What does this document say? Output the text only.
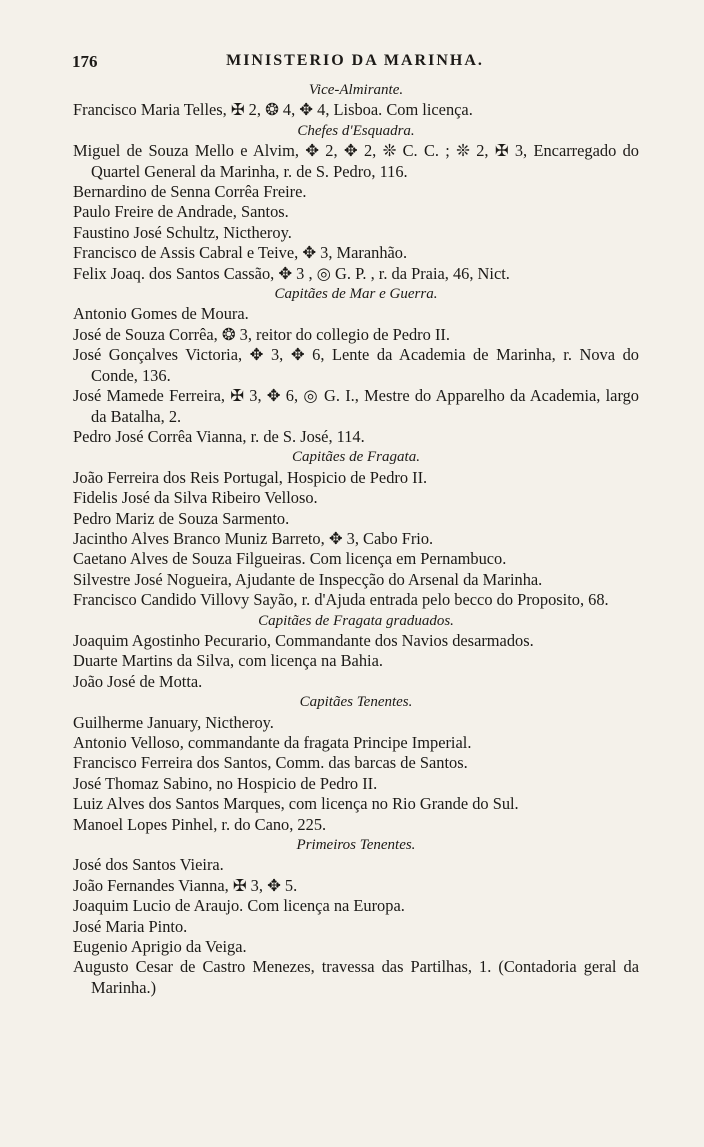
176	MINISTERIO DA MARINHA.

Vice-Almirante.

Francisco Maria Telles, ✠ 2, ❂ 4, ✥ 4, Lisboa. Com licença.

Chefes d'Esquadra.

Miguel de Souza Mello e Alvim, ✥ 2, ✥ 2, ❊ C. C. ; ❊ 2, ✠ 3, Encarregado do Quartel General da Marinha, r. de S. Pedro, 116.

Bernardino de Senna Corrêa Freire.

Paulo Freire de Andrade, Santos.

Faustino José Schultz, Nictheroy.

Francisco de Assis Cabral e Teive, ✥ 3, Maranhão.

Felix Joaq. dos Santos Cassão, ✥ 3 , ◎ G. P. , r. da Praia, 46, Nict.

Capitães de Mar e Guerra.

Antonio Gomes de Moura.

José de Souza Corrêa, ❂ 3, reitor do collegio de Pedro II.

José Gonçalves Victoria, ✥ 3, ✥ 6, Lente da Academia de Marinha, r. Nova do Conde, 136.

José Mamede Ferreira, ✠ 3, ✥ 6, ◎ G. I., Mestre do Apparelho da Academia, largo da Batalha, 2.

Pedro José Corrêa Vianna, r. de S. José, 114.

Capitães de Fragata.

João Ferreira dos Reis Portugal, Hospicio de Pedro II.

Fidelis José da Silva Ribeiro Velloso.

Pedro Mariz de Souza Sarmento.

Jacintho Alves Branco Muniz Barreto, ✥ 3, Cabo Frio.

Caetano Alves de Souza Filgueiras. Com licença em Pernambuco.

Silvestre José Nogueira, Ajudante de Inspecção do Arsenal da Marinha.

Francisco Candido Villovy Sayão, r. d'Ajuda entrada pelo becco do Proposito, 68.

Capitães de Fragata graduados.

Joaquim Agostinho Pecurario, Commandante dos Navios desarmados.

Duarte Martins da Silva, com licença na Bahia.

João José de Motta.

Capitães Tenentes.

Guilherme January, Nictheroy.

Antonio Velloso, commandante da fragata Principe Imperial.

Francisco Ferreira dos Santos, Comm. das barcas de Santos.

José Thomaz Sabino, no Hospicio de Pedro II.

Luiz Alves dos Santos Marques, com licença no Rio Grande do Sul.

Manoel Lopes Pinhel, r. do Cano, 225.

Primeiros Tenentes.

José dos Santos Vieira.

João Fernandes Vianna, ✠ 3, ✥ 5.

Joaquim Lucio de Araujo. Com licença na Europa.

José Maria Pinto.

Eugenio Aprigio da Veiga.

Augusto Cesar de Castro Menezes, travessa das Partilhas, 1. (Contadoria geral da Marinha.)
